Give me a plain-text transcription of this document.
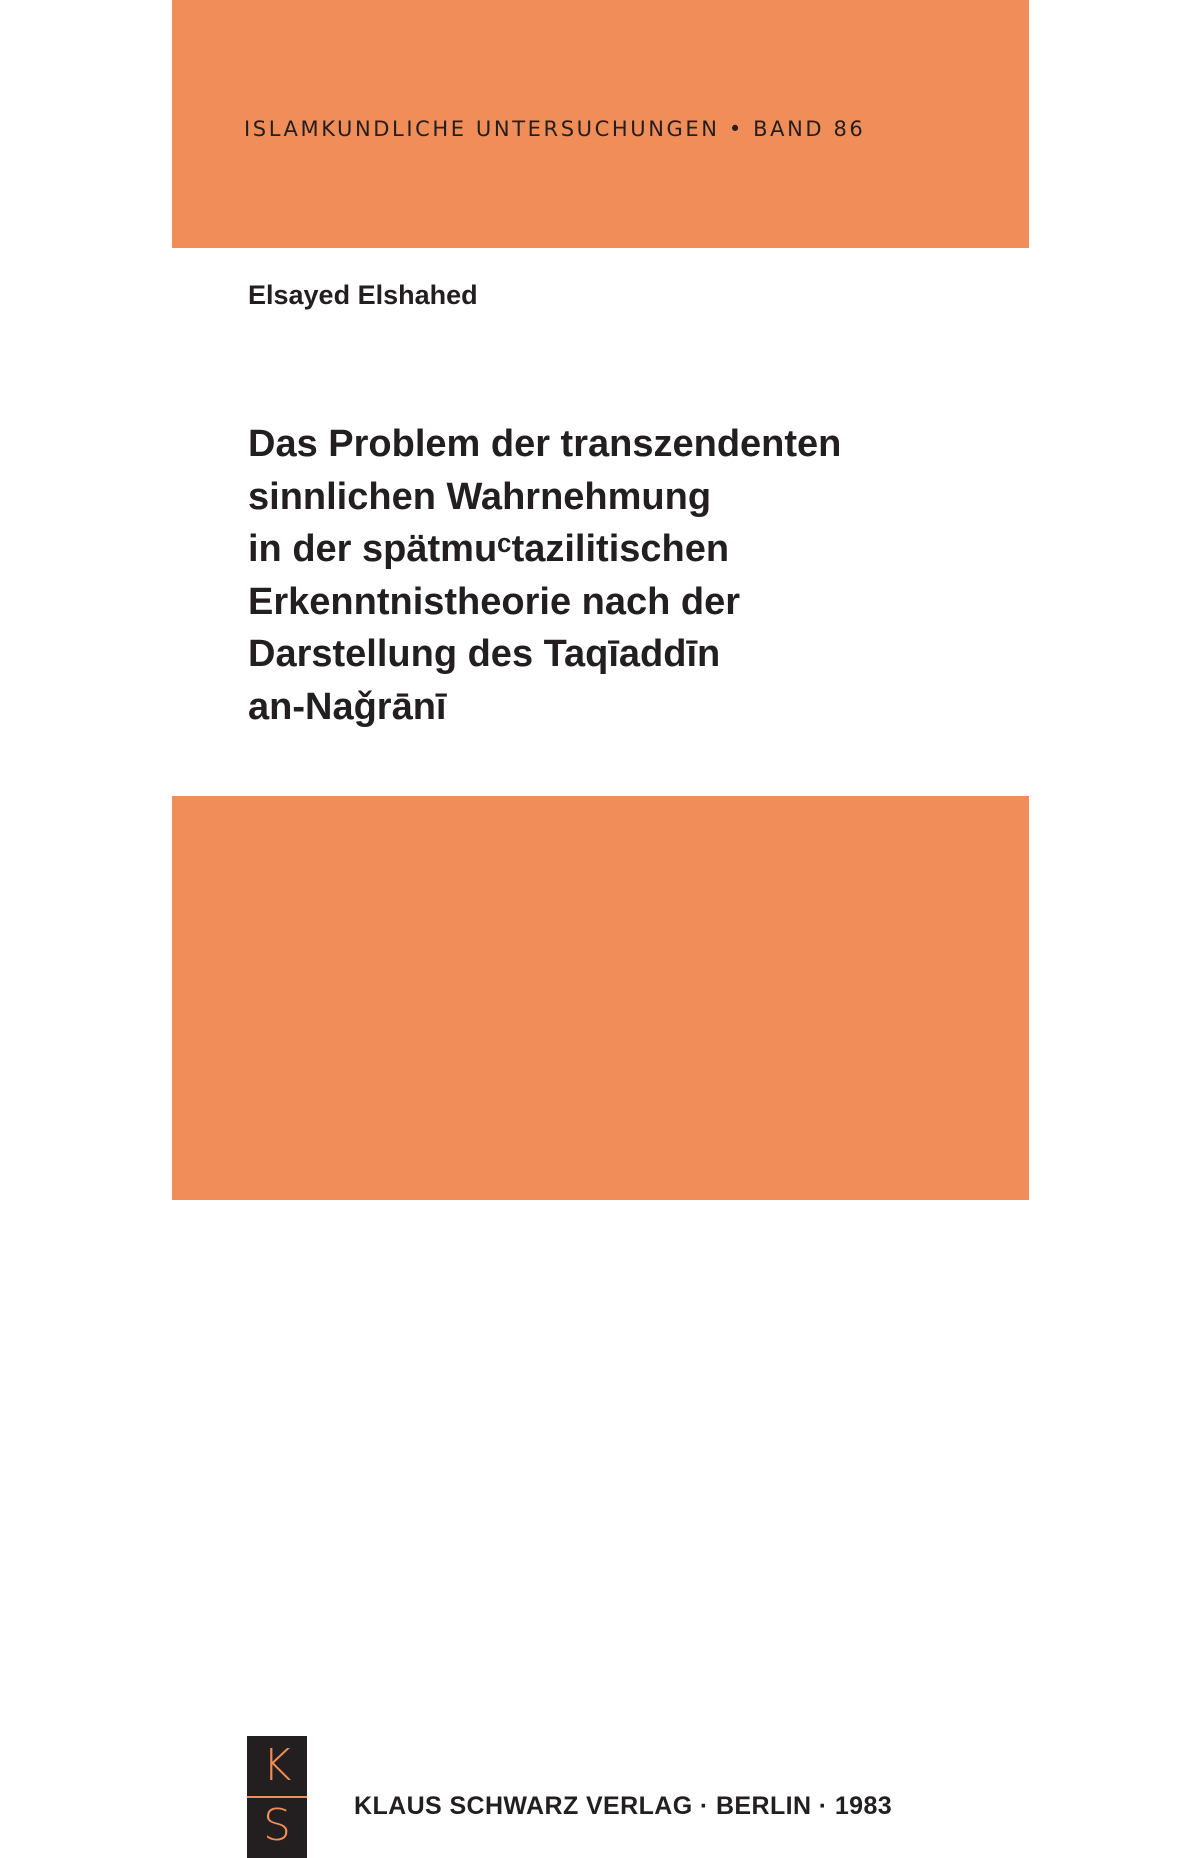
ISLAMKUNDLICHE UNTERSUCHUNGEN • BAND 86
Elsayed Elshahed
Das Problem der transzendenten
sinnlichen Wahrnehmung
in der spätmuᶜtazilitischen
Erkenntnistheorie nach der
Darstellung des Taqīaddīn
an-Naǧrānī
K
S	KLAUS SCHWARZ VERLAG · BERLIN · 1983
